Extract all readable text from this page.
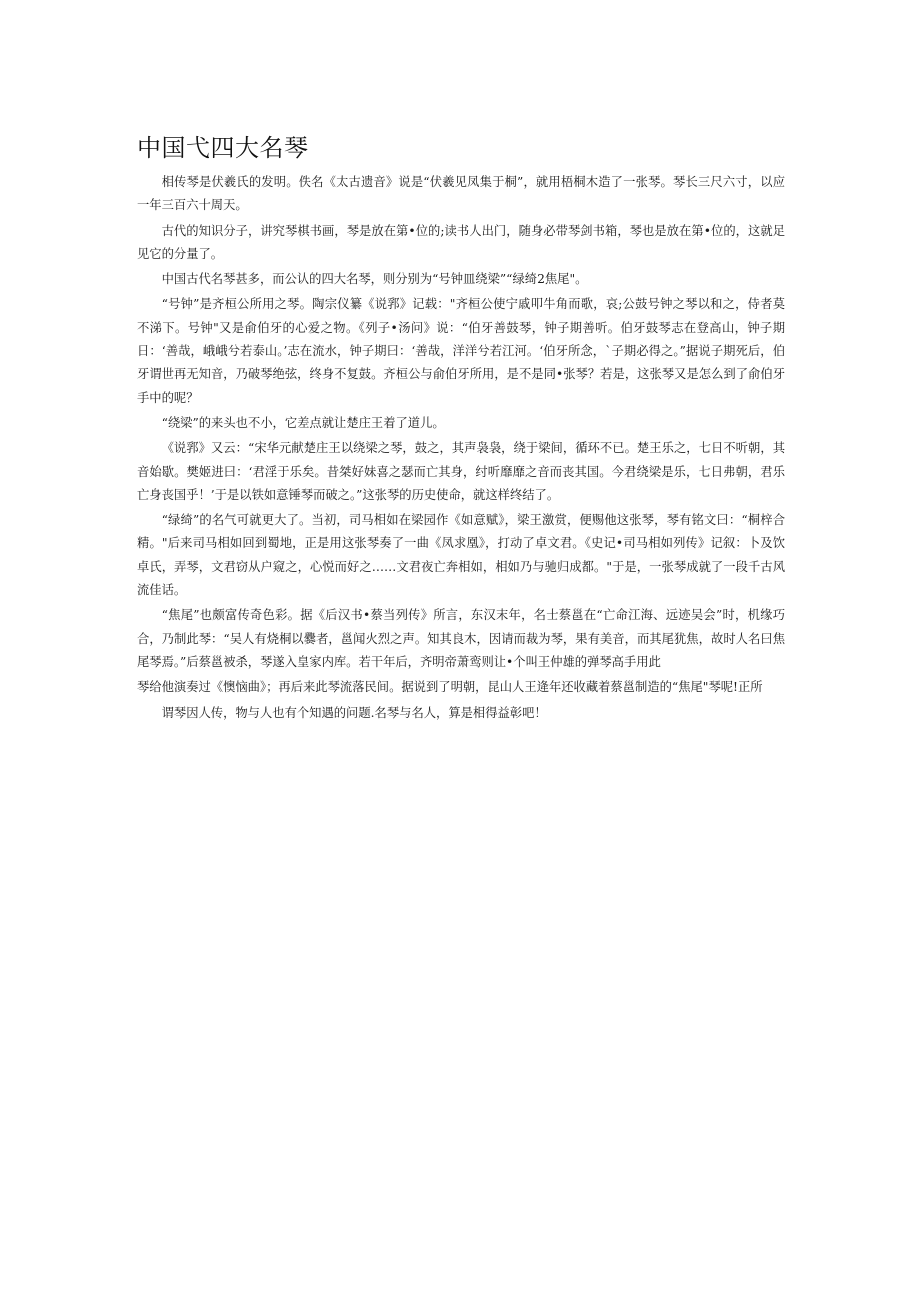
中国弋四大名琴

相传琴是伏羲氏的发明。佚名《太古遗音》说是“伏羲见凤集于桐”，就用梧桐木造了一张琴。琴长三尺六寸，以应一年三百六十周天。

古代的知识分子，讲究琴棋书画，琴是放在第•位的;读书人出门，随身必带琴剑书箱，琴也是放在第•位的，这就足见它的分量了。

中国古代名琴甚多，而公认的四大名琴，则分别为“号钟皿绕梁”“绿绮2焦尾"。

“号钟”是齐桓公所用之琴。陶宗仪纂《说郛》记载："齐桓公使宁戚叩牛角而歌，哀;公鼓号钟之琴以和之，侍者莫不涕下。号钟"又是俞伯牙的心爱之物。《列子•汤问》说：“伯牙善鼓琴，钟子期善听。伯牙鼓琴志在登高山，钟子期日：‘善哉，峨峨兮若泰山。’志在流水，钟子期曰：‘善哉，洋洋兮若江河。‘伯牙所念，`子期必得之。”据说子期死后，伯牙谓世再无知音，乃破琴绝弦，终身不复鼓。齐桓公与俞伯牙所用，是不是同•张琴？若是，这张琴又是怎么到了俞伯牙手中的呢？

“绕梁”的来头也不小，它差点就让楚庄王着了道儿。

《说郛》又云：“宋华元献楚庄王以绕梁之琴，鼓之，其声袅袅，绕于梁间，循环不已。楚王乐之，七日不听朝，其音始歇。樊姬进曰：‘君淫于乐矣。昔桀好妹喜之瑟而亡其身，纣听靡靡之音而丧其国。今君绕梁是乐，七日弗朝，君乐亡身丧国乎！’于是以铁如意锤琴而破之。”这张琴的历史使命，就这样终结了。

“绿绮”的名气可就更大了。当初，司马相如在梁园作《如意赋》，梁王激赏，便赐他这张琴，琴有铭文曰：“桐梓合精。"后来司马相如回到蜀地，正是用这张琴奏了一曲《凤求凰》，打动了卓文君。《史记•司马相如列传》记叙：卜及饮卓氏，弄琴，文君窃从户窥之，心悦而好之……文君夜亡奔相如，相如乃与驰归成都。"于是，一张琴成就了一段千古风流佳话。

“焦尾”也颇富传奇色彩。据《后汉书•蔡当列传》所言，东汉末年，名士蔡邕在“亡命江海、远迹吴会”时，机缘巧合，乃制此琴：“吴人有烧桐以爨者，邕闻火烈之声。知其良木，因请而裁为琴，果有美音，而其尾犹焦，故时人名曰焦尾琴焉。”后蔡邕被杀，琴遂入皇家内库。若干年后，齐明帝萧鸾则让•个叫王仲雄的弹琴高手用此

琴给他演奏过《懊恼曲》；再后来此琴流落民间。据说到了明朝，昆山人王逄年还收藏着蔡邕制造的“焦尾"琴呢!正所

谓琴因人传，物与人也有个知遇的问题.名琴与名人，算是相得益彰吧！
